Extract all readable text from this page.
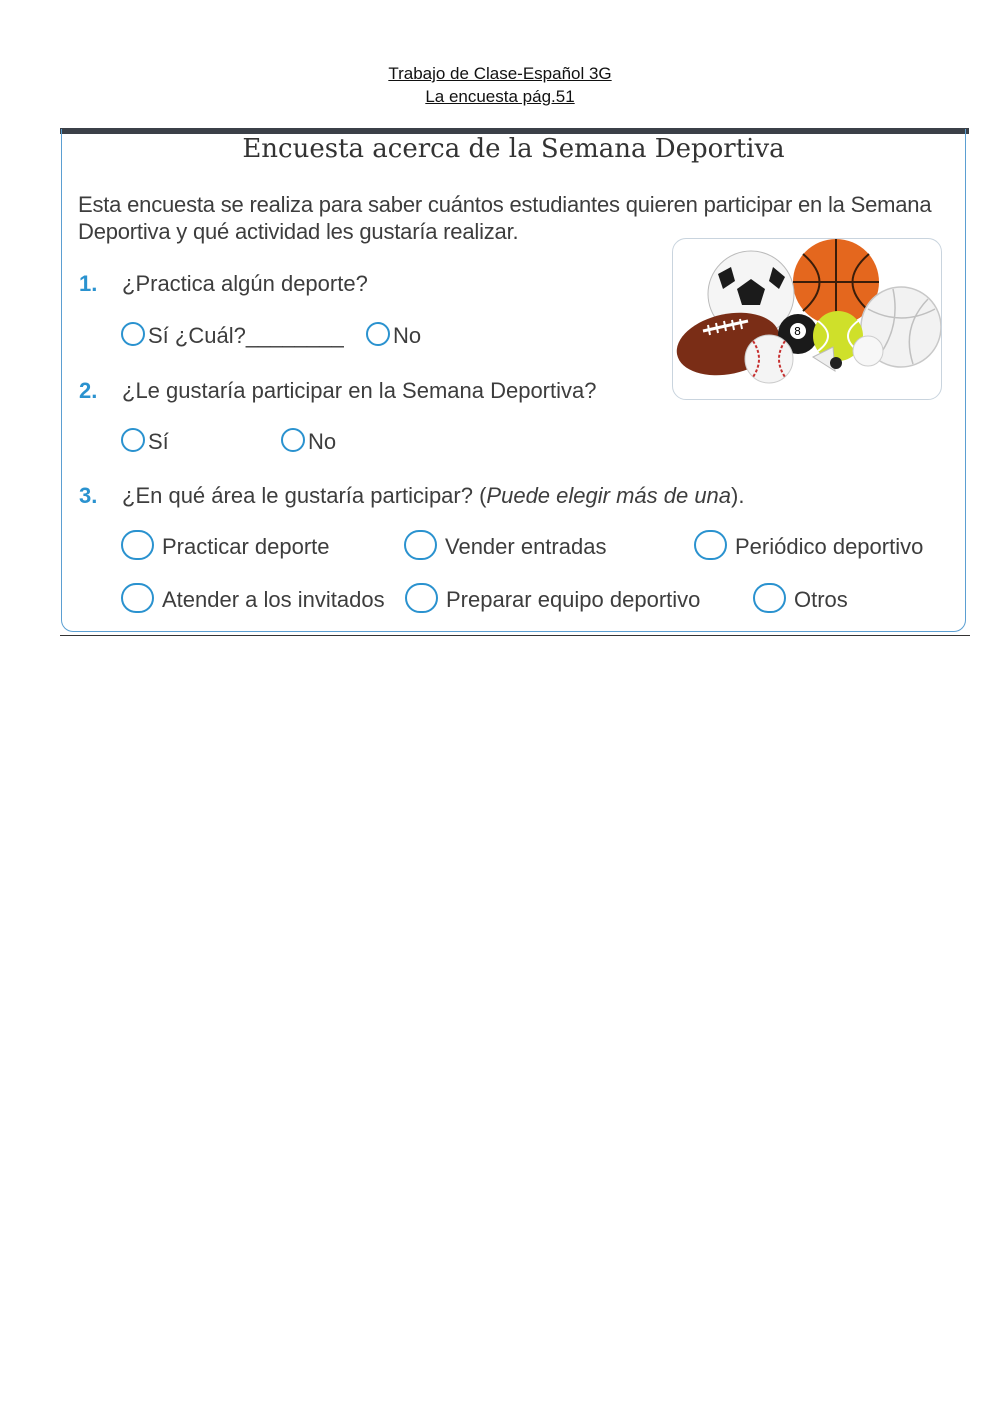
Trabajo de Clase-Español 3G
La encuesta pág.51
Encuesta acerca de la Semana Deportiva
Esta encuesta se realiza para saber cuántos estudiantes quieren participar en la Semana Deportiva y qué actividad les gustaría realizar.
1. ¿Practica algún deporte?
Sí ¿Cuál?________	No
2. ¿Le gustaría participar en la Semana Deportiva?
Sí	No
3. ¿En qué área le gustaría participar? (Puede elegir más de una).
Practicar deporte	Vender entradas	Periódico deportivo
Atender a los invitados	Preparar equipo deportivo	Otros
8
